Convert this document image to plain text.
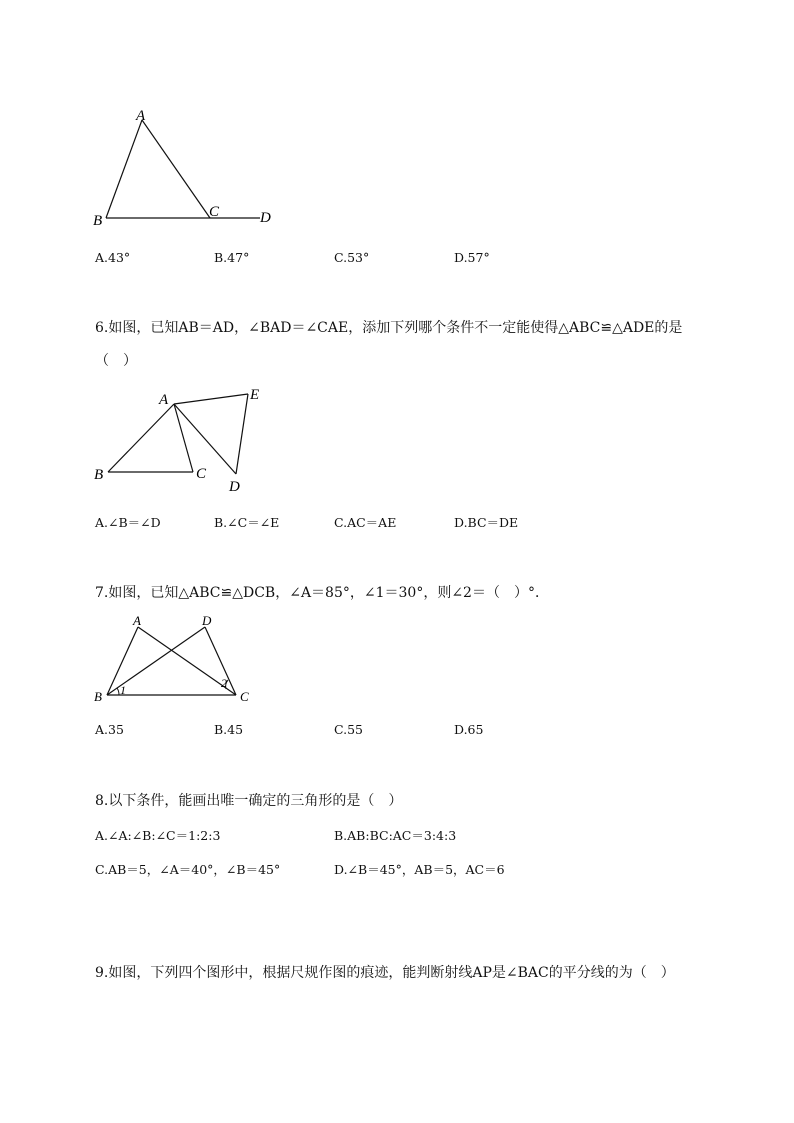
A
B
C	D
A.43°	B.47°	C.53°	D.57°
6.如图，已知AB＝AD，∠BAD＝∠CAE，添加下列哪个条件不一定能使得△ABC≌△ADE的是
（　）
A
B	C
D
E
A.∠B＝∠D	B.∠C＝∠E	C.AC＝AE	D.BC＝DE
7.如图，已知△ABC≌△DCB，∠A＝85°，∠1＝30°，则∠2＝（　）°．
A	D
B	C
1	2
A.35	B.45	C.55	D.65
8.以下条件，能画出唯一确定的三角形的是（　）
A.∠A:∠B:∠C＝1:2:3	B.AB:BC:AC＝3:4:3
C.AB＝5，∠A＝40°，∠B＝45°	D.∠B＝45°，AB＝5，AC＝6
9.如图，下列四个图形中，根据尺规作图的痕迹，能判断射线AP是∠BAC的平分线的为（　）
